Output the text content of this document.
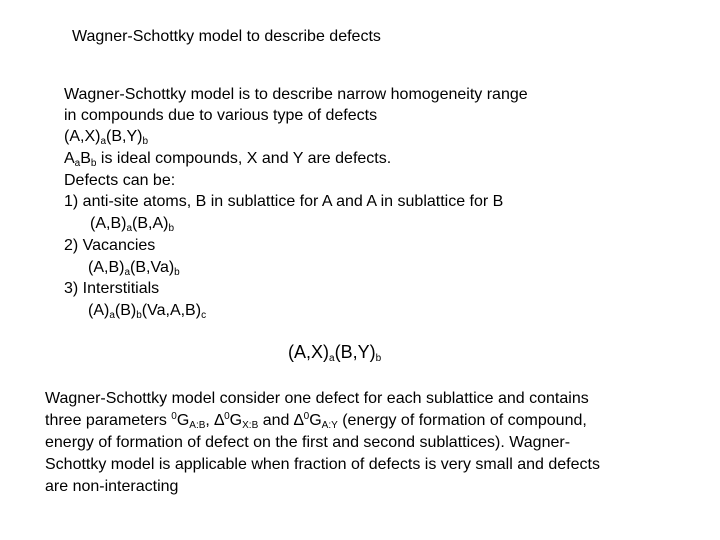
Wagner-Schottky model to describe defects
Wagner-Schottky model is to describe narrow homogeneity range
in compounds due to various type of defects
$(A,X)_a(B,Y)_b$
$A_aB_b$ is ideal compounds, X and Y are defects.
Defects can be:
1) anti-site atoms, B in sublattice for A and A in sublattice for B
$(A,B)_a(B,A)_b$
2) Vacancies
$(A,B)_a(B,Va)_b$
3) Interstitials
$(A)_a(B)_b(Va,A,B)_c$
$(A,X)_a(B,Y)_b$
Wagner-Schottky model consider one defect for each sublattice and contains
three parameters $^0G_{A:B}$, $\Delta^0G_{X:B}$ and $\Delta^0G_{A:Y}$ (energy of formation of compound,
energy of formation of defect on the first and second sublattices). Wagner-
Schottky model is applicable when fraction of defects is very small and defects
are non-interacting
